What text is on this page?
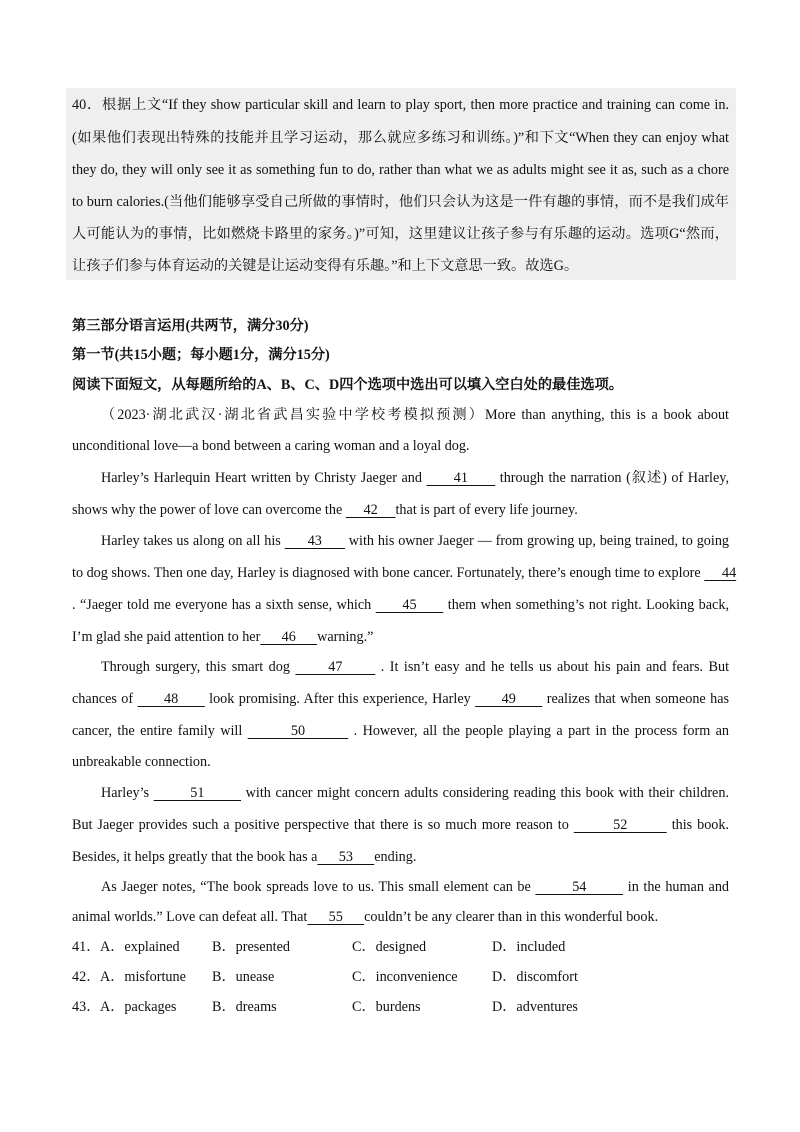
40．根据上文“If they show particular skill and learn to play sport, then more practice and training can come in.
(如果他们表现出特殊的技能并且学习运动，那么就应多练习和训练。)”和下文“When they can enjoy what
they do, they will only see it as something fun to do, rather than what we as adults might see it as, such as a chore
to burn calories.(当他们能够享受自己所做的事情时，他们只会认为这是一件有趣的事情，而不是我们成年
人可能认为的事情，比如燃烧卡路里的家务。)”可知，这里建议让孩子参与有乐趣的运动。选项G“然而，
让孩子们参与体育运动的关键是让运动变得有乐趣。”和上下文意思一致。故选G。
第三部分语言运用(共两节，满分30分)
第一节(共15小题；每小题1分，满分15分)
阅读下面短文，从每题所给的A、B、C、D四个选项中选出可以填入空白处的最佳选项。
（2023·湖北武汉·湖北省武昌实验中学校考模拟预测）More than anything, this is a book about
unconditional love—a bond between a caring woman and a loyal dog.
Harley’s Harlequin Heart written by Christy Jaeger and       41       through the narration (叙述) of Harley,
shows why the power of love can overcome the      42     that is part of every life journey.
Harley takes us along on all his       43       with his owner Jaeger — from growing up, being trained, to going
to dog shows. Then one day, Harley is diagnosed with bone cancer. Fortunately, there’s enough time to explore      44
. “Jaeger told me everyone has a sixth sense, which       45       them when something’s not right. Looking back,
I’m glad she paid attention to her      46      warning.”
Through surgery, this smart dog       47       . It isn’t easy and he tells us about his pain and fears. But
chances of       48       look promising. After this experience, Harley       49       realizes that when someone has
cancer, the entire family will         50         . However, all the people playing a part in the process form an
unbreakable connection.
Harley’s         51         with cancer might concern adults considering reading this book with their children.
But Jaeger provides such a positive perspective that there is so much more reason to         52         this book.
Besides, it helps greatly that the book has a      53      ending.
As Jaeger notes, “The book spreads love to us. This small element can be         54         in the human and
animal worlds.” Love can defeat all. That      55      couldn’t be any clearer than in this wonderful book.
41． A．explained B．presented	C．designed	D．included
42． A．misfortune B．unease	C．inconvenience D．discomfort
43． A．packages	B．dreams	C．burdens	D．adventures
